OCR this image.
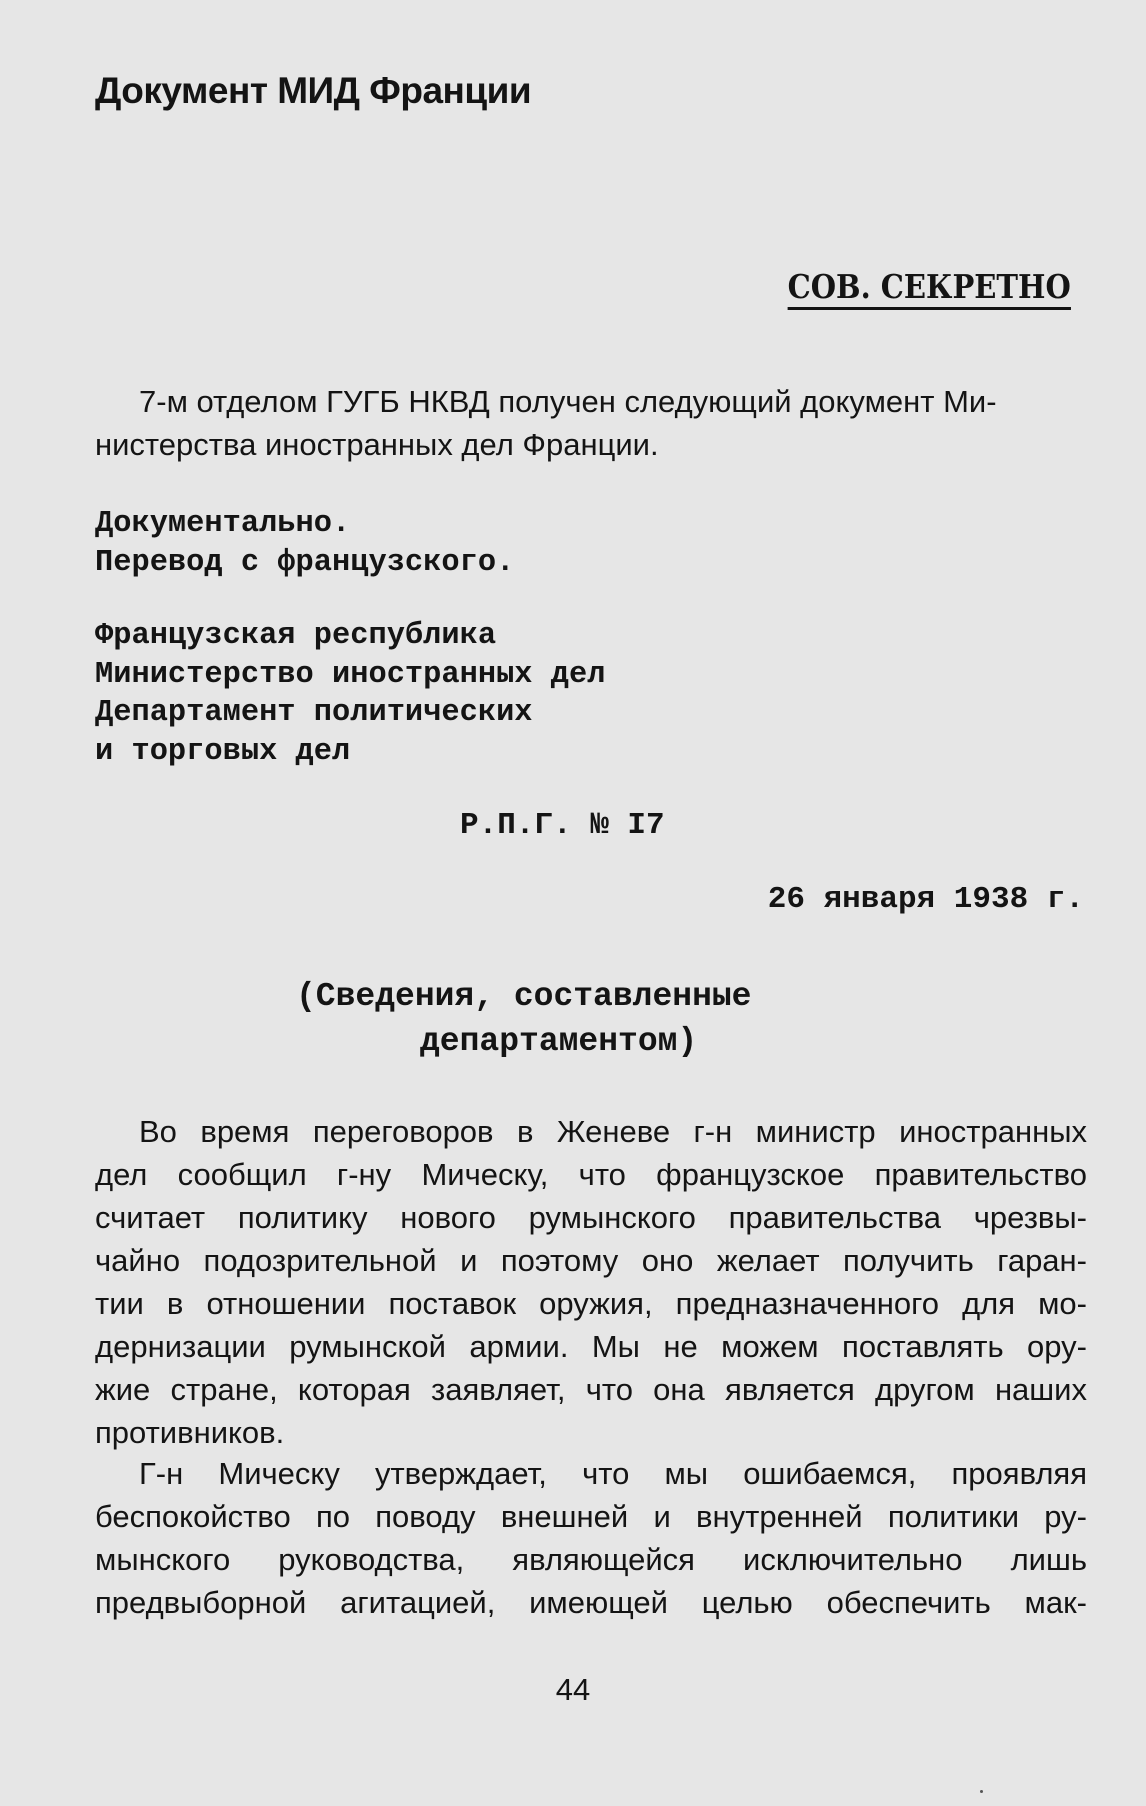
Документ МИД Франции
СОВ. СЕКРЕТНО
7-м отделом ГУГБ НКВД получен следующий документ Ми-
нистерства иностранных дел Франции.
Документально.
Перевод с французского.
Французская республика
Министерство иностранных дел
Департамент политических
и торговых дел
Р.П.Г. № I7
26 января 1938 г.
(Сведения, составленные
департаментом)
Во время переговоров в Женеве г-н министр иностранных
дел сообщил г-ну Мическу, что французское правительство
считает политику нового румынского правительства чрезвы-
чайно подозрительной и поэтому оно желает получить гаран-
тии в отношении поставок оружия, предназначенного для мо-
дернизации румынской армии. Мы не можем поставлять ору-
жие стране, которая заявляет, что она является другом наших
противников.
Г-н Мическу утверждает, что мы ошибаемся, проявляя
беспокойство по поводу внешней и внутренней политики ру-
мынского руководства, являющейся исключительно лишь
предвыборной агитацией, имеющей целью обеспечить мак-
44
